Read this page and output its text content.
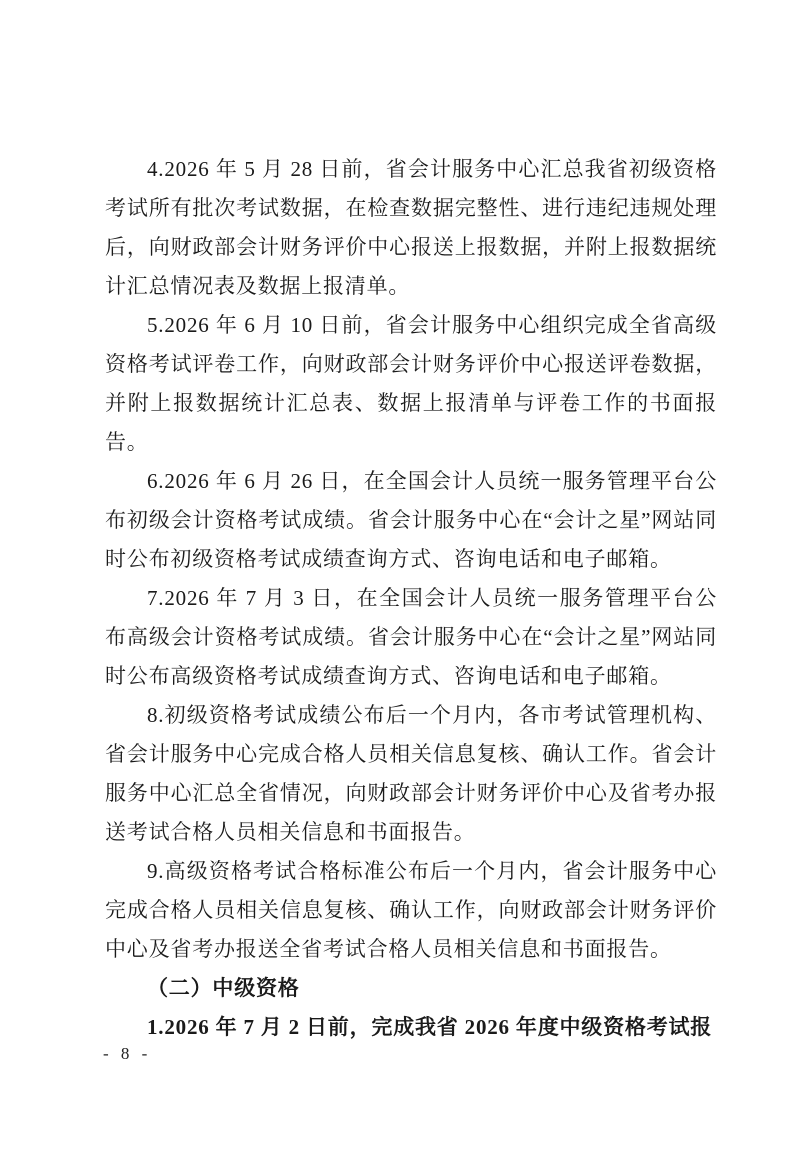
4.2026 年 5 月 28 日前，省会计服务中心汇总我省初级资格考试所有批次考试数据，在检查数据完整性、进行违纪违规处理后，向财政部会计财务评价中心报送上报数据，并附上报数据统计汇总情况表及数据上报清单。

5.2026 年 6 月 10 日前，省会计服务中心组织完成全省高级资格考试评卷工作，向财政部会计财务评价中心报送评卷数据，并附上报数据统计汇总表、数据上报清单与评卷工作的书面报告。

6.2026 年 6 月 26 日，在全国会计人员统一服务管理平台公布初级会计资格考试成绩。省会计服务中心在“会计之星”网站同时公布初级资格考试成绩查询方式、咨询电话和电子邮箱。

7.2026 年 7 月 3 日，在全国会计人员统一服务管理平台公布高级会计资格考试成绩。省会计服务中心在“会计之星”网站同时公布高级资格考试成绩查询方式、咨询电话和电子邮箱。

8.初级资格考试成绩公布后一个月内，各市考试管理机构、省会计服务中心完成合格人员相关信息复核、确认工作。省会计服务中心汇总全省情况，向财政部会计财务评价中心及省考办报送考试合格人员相关信息和书面报告。

9.高级资格考试合格标准公布后一个月内，省会计服务中心完成合格人员相关信息复核、确认工作，向财政部会计财务评价中心及省考办报送全省考试合格人员相关信息和书面报告。

（二）中级资格

1.2026 年 7 月 2 日前，完成我省 2026 年度中级资格考试报

- 8 -
